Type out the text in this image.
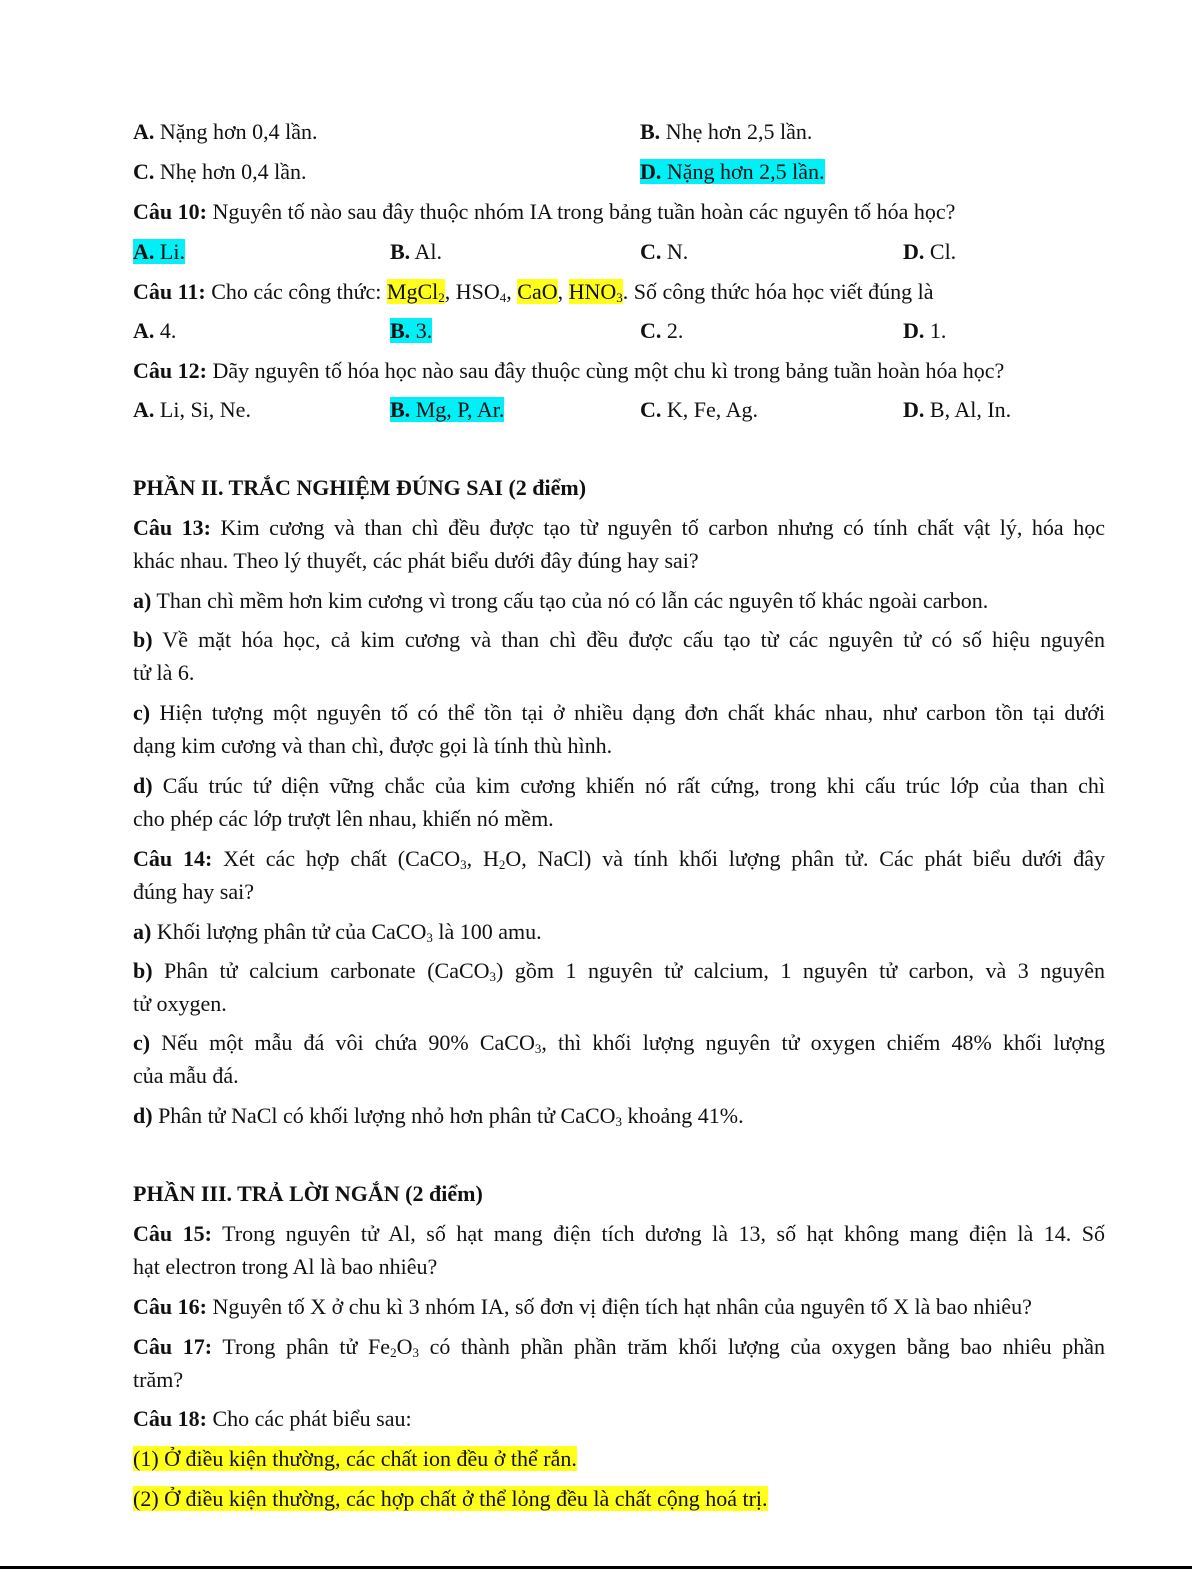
A. Nặng hơn 0,4 lần.	B. Nhẹ hơn 2,5 lần.
C. Nhẹ hơn 0,4 lần.	D. Nặng hơn 2,5 lần.
Câu 10: Nguyên tố nào sau đây thuộc nhóm IA trong bảng tuần hoàn các nguyên tố hóa học?
A. Li.	B. Al.	C. N.	D. Cl.
Câu 11: Cho các công thức: MgCl$_2$, $HSO_4$, CaO, $HNO_3$. Số công thức hóa học viết đúng là
A. 4.	B. 3.	C. 2.	D. 1.
Câu 12: Dãy nguyên tố hóa học nào sau đây thuộc cùng một chu kì trong bảng tuần hoàn hóa học?
A. Li, Si, Ne.	B. Mg, P, Ar.	C. K, Fe, Ag.	D. B, Al, In.
PHẦN II. TRẮC NGHIỆM ĐÚNG SAI (2 điểm)
Câu 13: Kim cương và than chì đều được tạo từ nguyên tố carbon nhưng có tính chất vật lý, hóa học
khác nhau. Theo lý thuyết, các phát biểu dưới đây đúng hay sai?
a) Than chì mềm hơn kim cương vì trong cấu tạo của nó có lẫn các nguyên tố khác ngoài carbon.
b) Về mặt hóa học, cả kim cương và than chì đều được cấu tạo từ các nguyên tử có số hiệu nguyên
tử là 6.
c) Hiện tượng một nguyên tố có thể tồn tại ở nhiều dạng đơn chất khác nhau, như carbon tồn tại dưới
dạng kim cương và than chì, được gọi là tính thù hình.
d) Cấu trúc tứ diện vững chắc của kim cương khiến nó rất cứng, trong khi cấu trúc lớp của than chì
cho phép các lớp trượt lên nhau, khiến nó mềm.
Câu 14: Xét các hợp chất (CaCO$_3$, $H_2O$, NaCl) và tính khối lượng phân tử. Các phát biểu dưới đây
đúng hay sai?
a) Khối lượng phân tử của CaCO$_3$ là 100 amu.
b) Phân tử calcium carbonate (CaCO$_3$) gồm 1 nguyên tử calcium, 1 nguyên tử carbon, và 3 nguyên
tử oxygen.
c) Nếu một mẫu đá vôi chứa 90% CaCO$_3$, thì khối lượng nguyên tử oxygen chiếm 48% khối lượng
của mẫu đá.
d) Phân tử NaCl có khối lượng nhỏ hơn phân tử CaCO$_3$ khoảng 41%.
PHẦN III. TRẢ LỜI NGẮN (2 điểm)
Câu 15: Trong nguyên tử Al, số hạt mang điện tích dương là 13, số hạt không mang điện là 14. Số
hạt electron trong Al là bao nhiêu?
Câu 16: Nguyên tố X ở chu kì 3 nhóm IA, số đơn vị điện tích hạt nhân của nguyên tố X là bao nhiêu?
Câu 17: Trong phân tử $Fe_2O_3$ có thành phần phần trăm khối lượng của oxygen bằng bao nhiêu phần
trăm?
Câu 18: Cho các phát biểu sau:
(1) Ở điều kiện thường, các chất ion đều ở thể rắn.
(2) Ở điều kiện thường, các hợp chất ở thể lỏng đều là chất cộng hoá trị.
